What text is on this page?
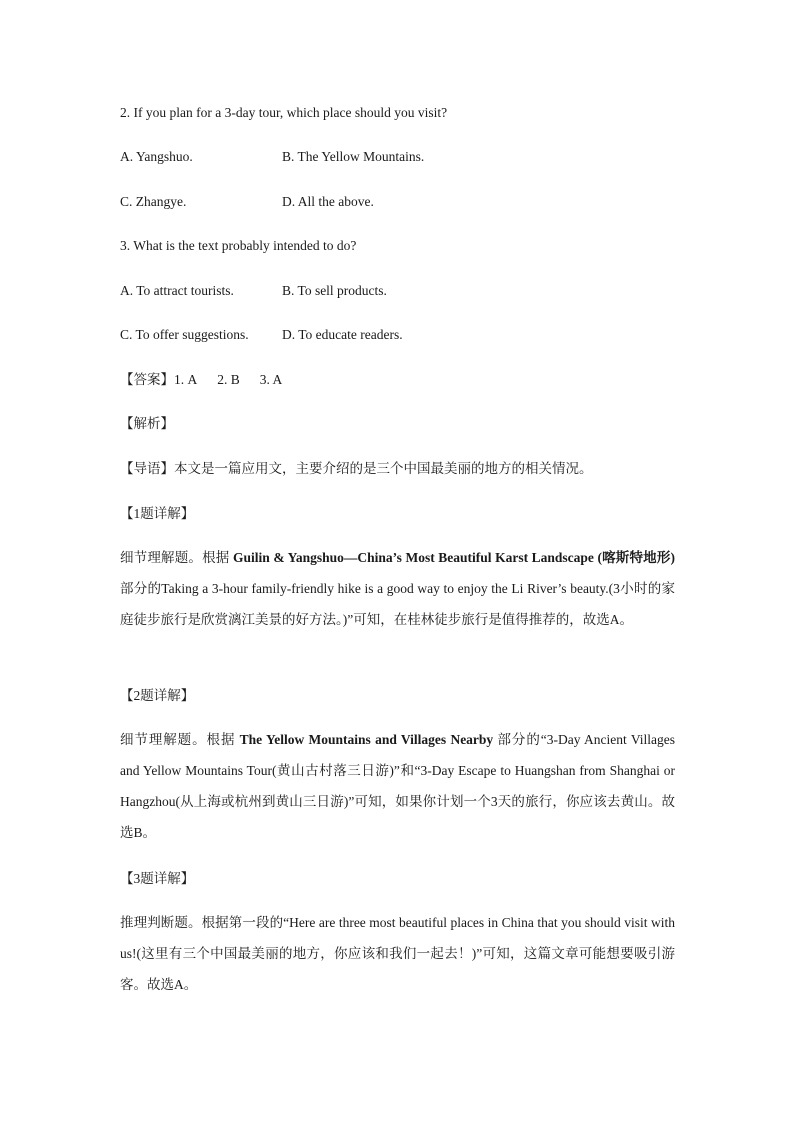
2. If you plan for a 3-day tour, which place should you visit?
A. Yangshuo.	B. The Yellow Mountains.
C. Zhangye.	D. All the above.
3. What is the text probably intended to do?
A. To attract tourists.	B. To sell products.
C. To offer suggestions. D. To educate readers.
【答案】1. A 2. B 3. A
【解析】
【导语】本文是一篇应用文，主要介绍的是三个中国最美丽的地方的相关情况。
【1题详解】
细节理解题。根据 Guilin & Yangshuo—China’s Most Beautiful Karst Landscape (喀斯特地形)部分的Taking a 3-hour family-friendly hike is a good way to enjoy the Li River’s beauty.(3小时的家庭徒步旅行是欣赏漓江美景的好方法。)”可知，在桂林徒步旅行是值得推荐的，故选A。
【2题详解】
细节理解题。根据 The Yellow Mountains and Villages Nearby 部分的“3-Day Ancient Villages and Yellow Mountains Tour(黄山古村落三日游)”和“3-Day Escape to Huangshan from Shanghai or Hangzhou(从上海或杭州到黄山三日游)”可知，如果你计划一个3天的旅行，你应该去黄山。故选B。
【3题详解】
推理判断题。根据第一段的“Here are three most beautiful places in China that you should visit with us!(这里有三个中国最美丽的地方，你应该和我们一起去！)”可知，这篇文章可能想要吸引游客。故选A。
